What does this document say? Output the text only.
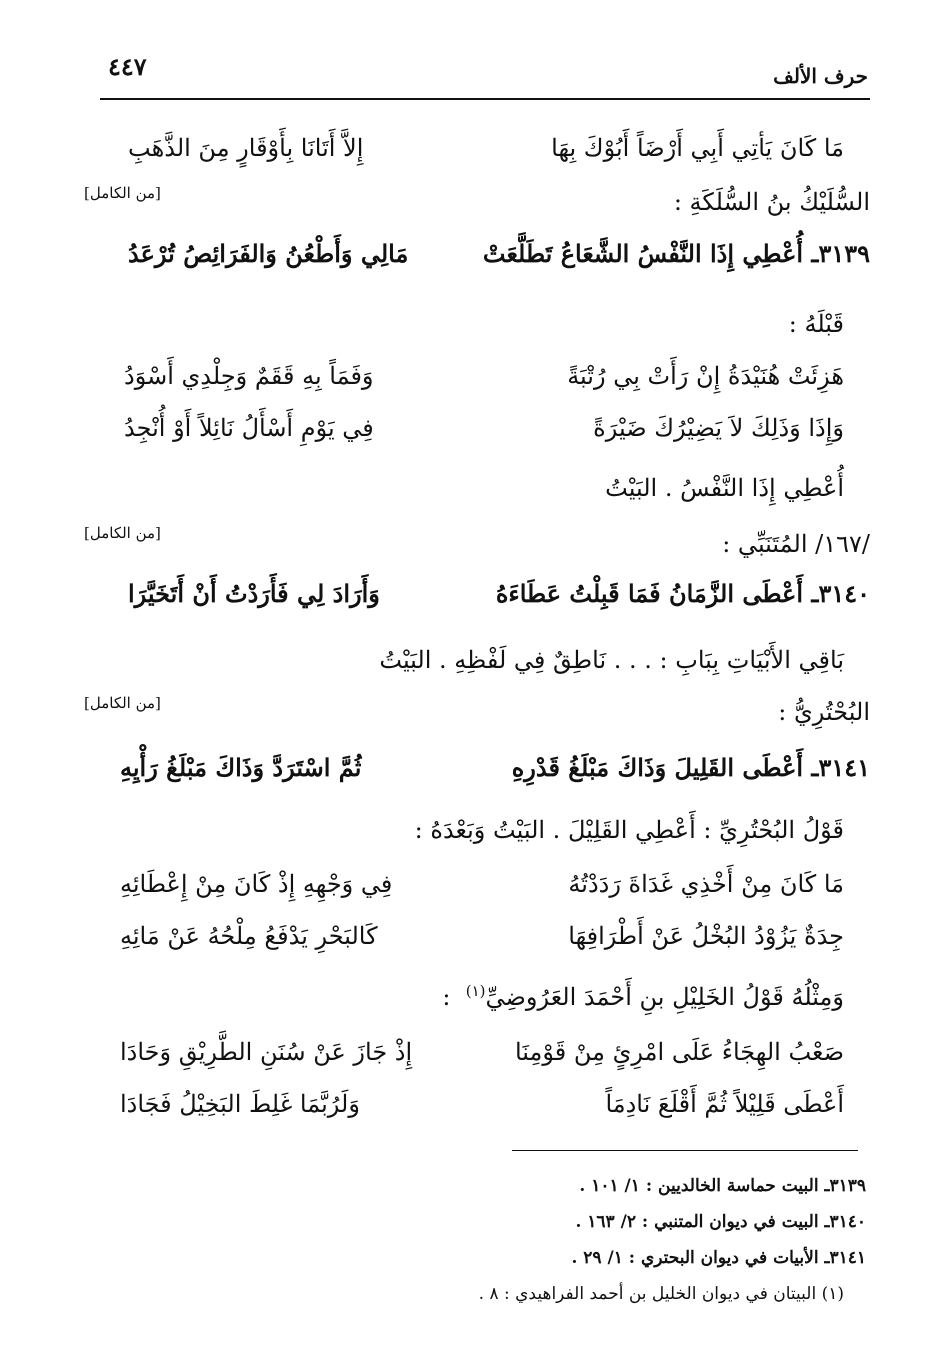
حرف الألف
٤٤٧
مَا كَانَ يَأتِي أَبِي أَرْضَاً أَبُوْكَ بِهَا
إِلاَّ أَتَانَا بِأَوْقَارٍ مِنَ الذَّهَبِ
السُّلَيْكُ بنُ السُّلَكَةِ :
[من الكامل]
٣١٣٩ـ أُعْطِي إِذَا النَّفْسُ الشَّعَاعُ تَطَلَّعَتْ
مَالِي وَأَطْعُنُ وَالفَرَائِصُ تُرْعَدُ
قَبْلَهُ :
هَزِئَتْ هُنَيْدَةُ إِنْ رَأَتْ بِي رُتْبَةً
وَفَمَاً بِهِ قَقَمٌ وَجِلْدِي أَسْوَدُ
وَإِذَا وَذَلِكَ لاَ يَضِيْرُكَ ضَيْرَةً
فِي يَوْمِ أَسْأَلُ نَائِلاً أَوْ أُنْجِدُ
أُعْطِي إِذَا النَّفْسُ . البَيْتُ
/١٦٧/ المُتَنَبِّي :
[من الكامل]
٣١٤٠ـ أَعْطَى الزَّمَانُ فَمَا قَبِلْتُ عَطَاءَهُ
وَأَرَادَ لِي فَأَرَدْتُ أَنْ أَتَخَيَّرَا
بَاقِي الأَبْيَاتِ بِبَابِ : . . . نَاطِقٌ فِي لَفْظِهِ . البَيْتُ
البُحْتُرِيُّ :
[من الكامل]
٣١٤١ـ أَعْطَى القَلِيلَ وَذَاكَ مَبْلَغُ قَدْرِهِ
ثُمَّ اسْتَرَدَّ وَذَاكَ مَبْلَغُ رَأْيِهِ
قَوْلُ البُحْتُرِيِّ : أَعْطِي القَلِيْلَ . البَيْتُ وَبَعْدَهُ :
مَا كَانَ مِنْ أَخْذِي غَدَاةَ رَدَدْتُهُ
فِي وَجْهِهِ إِذْ كَانَ مِنْ إِعْطَائِهِ
جِدَةٌ يَزُوْدُ البُخْلُ عَنْ أَطْرَافِهَا
كَالبَحْرِ يَدْفَعُ مِلْحُهُ عَنْ مَائِهِ
وَمِثْلُهُ قَوْلُ الخَلِيْلِ بنِ أَحْمَدَ العَرُوضِيِّ$^{(١)}$  :
صَعْبُ الهِجَاءُ عَلَى امْرِئٍ مِنْ قَوْمِنَا
إِذْ جَازَ عَنْ سُنَنِ الطَّرِيْقِ وَحَادَا
أَعْطَى قَلِيْلاً ثُمَّ أَقْلَعَ نَادِمَاً
وَلَرُبَّمَا غَلِطَ البَخِيْلُ فَجَادَا
٣١٣٩ـ البيت حماسة الخالديين : ١/ ١٠١ .
٣١٤٠ـ البيت في ديوان المتنبي : ٢/ ١٦٣ .
٣١٤١ـ الأبيات في ديوان البحتري : ١/ ٢٩ .
(١) البيتان في ديوان الخليل بن أحمد الفراهيدي : ٨ .
